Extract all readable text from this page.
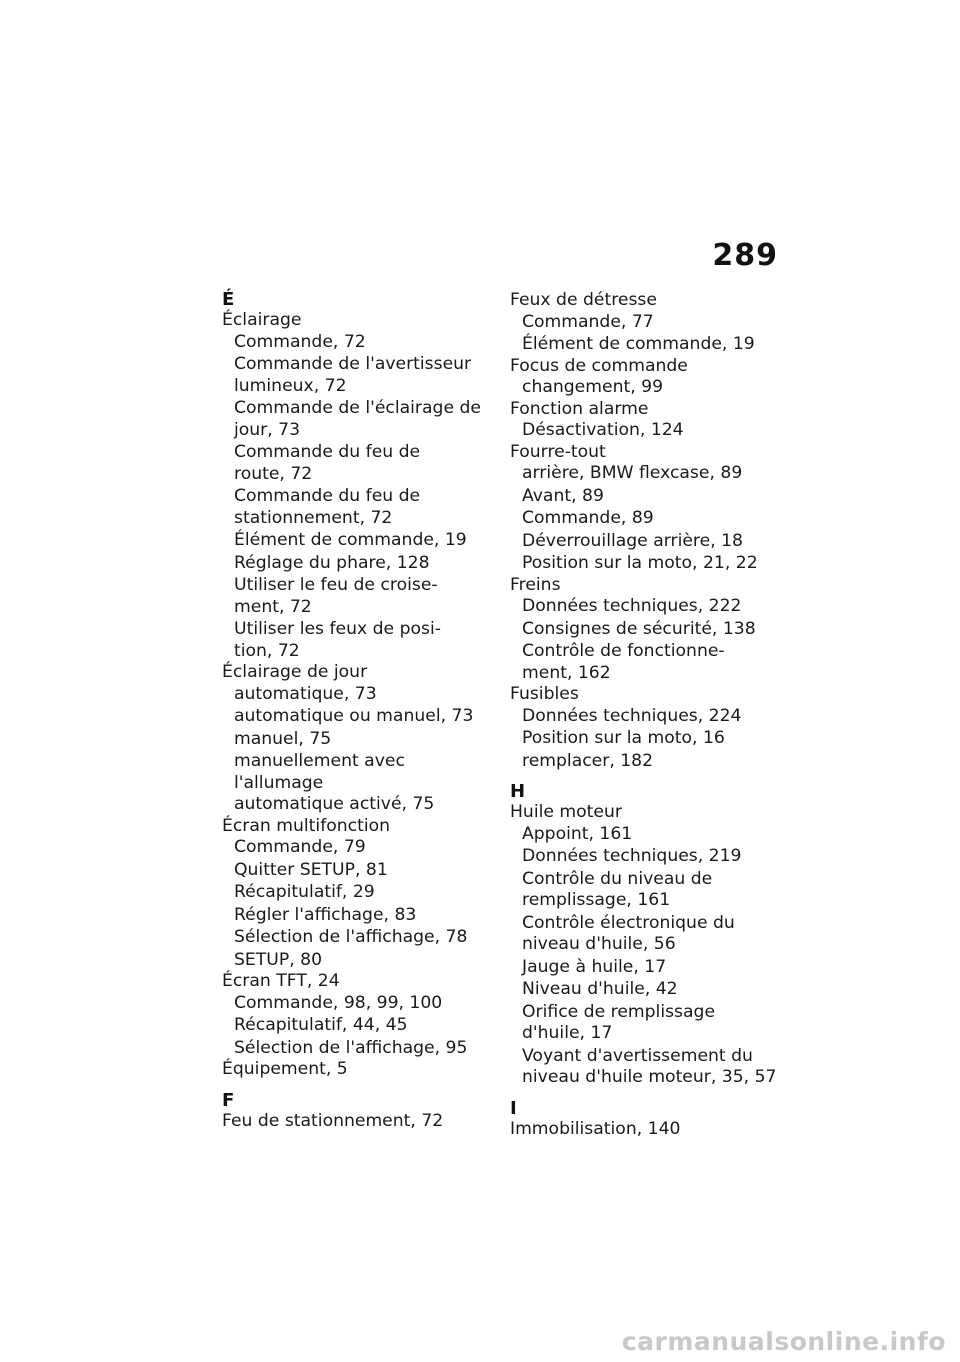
289
É
Éclairage
Commande, 72
Commande de l'avertisseur
lumineux, 72
Commande de l'éclairage de
jour, 73
Commande du feu de
route, 72
Commande du feu de
stationnement, 72
Élément de commande, 19
Réglage du phare, 128
Utiliser le feu de croise-
ment, 72
Utiliser les feux de posi-
tion, 72
Éclairage de jour
automatique, 73
automatique ou manuel, 73
manuel, 75
manuellement avec l'allumage
automatique activé, 75
Écran multifonction
Commande, 79
Quitter SETUP, 81
Récapitulatif, 29
Régler l'affichage, 83
Sélection de l'affichage, 78
SETUP, 80
Écran TFT, 24
Commande, 98, 99, 100
Récapitulatif, 44, 45
Sélection de l'affichage, 95
Équipement, 5
F
Feu de stationnement, 72
Feux de détresse
Commande, 77
Élément de commande, 19
Focus de commande
changement, 99
Fonction alarme
Désactivation, 124
Fourre-tout
arrière, BMW flexcase, 89
Avant, 89
Commande, 89
Déverrouillage arrière, 18
Position sur la moto, 21, 22
Freins
Données techniques, 222
Consignes de sécurité, 138
Contrôle de fonctionne-
ment, 162
Fusibles
Données techniques, 224
Position sur la moto, 16
remplacer, 182
H
Huile moteur
Appoint, 161
Données techniques, 219
Contrôle du niveau de
remplissage, 161
Contrôle électronique du
niveau d'huile, 56
Jauge à huile, 17
Niveau d'huile, 42
Orifice de remplissage
d'huile, 17
Voyant d'avertissement du
niveau d'huile moteur, 35, 57
I
Immobilisation, 140
carmanualsonline.info
